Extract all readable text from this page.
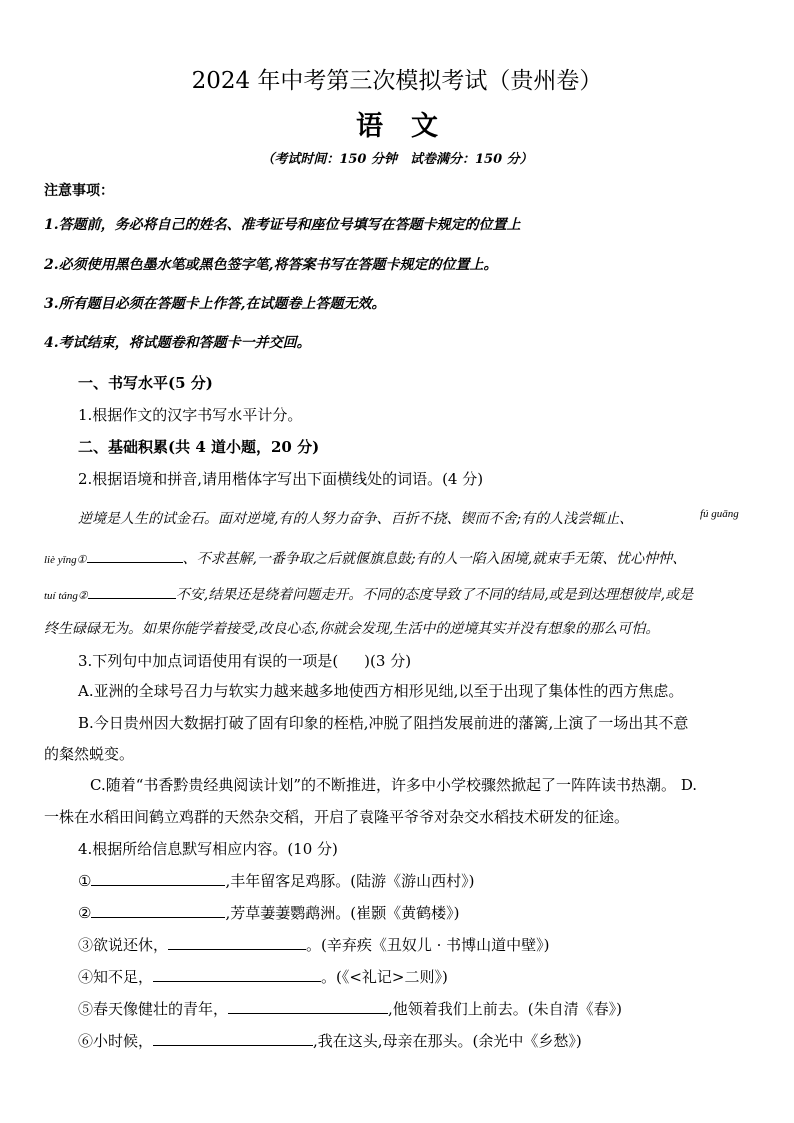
2024 年中考第三次模拟考试（贵州卷）
语文
（考试时间：150 分钟　试卷满分：150 分）
注意事项：
1.答题前，务必将自己的姓名、准考证号和座位号填写在答题卡规定的位置上
2.必须使用黑色墨水笔或黑色签字笔,将答案书写在答题卡规定的位置上。
3.所有题目必须在答题卡上作答,在试题卷上答题无效。
4.考试结束，将试题卷和答题卡一并交回。
一、书写水平(5 分)
1.根据作文的汉字书写水平计分。
二、基础积累(共 4 道小题，20 分)
2.根据语境和拼音,请用楷体字写出下面横线处的词语。(4 分)
逆境是人生的试金石。面对逆境,有的人努力奋争、百折不挠、锲而不舍;有的人浅尝辄止、	fú guāng
liè yǐng①	、不求甚解,一番争取之后就偃旗息鼓;有的人一陷入困境,就束手无策、忧心忡忡、
tuí táng②	不安,结果还是绕着问题走开。不同的态度导致了不同的结局,或是到达理想彼岸,或是
终生碌碌无为。如果你能学着接受,改良心态,你就会发现,生活中的逆境其实并没有想象的那么可怕。
3.下列句中加点词语使用有误的一项是( )(3 分)
A.亚洲的全球号召力与软实力越来越多地使西方相形见绌,以至于出现了集体性的西方焦虑。
B.今日贵州因大数据打破了固有印象的桎梏,冲脱了阻挡发展前进的藩篱,上演了一场出其不意
的粲然蜕变。
C.随着“书香黔贵经典阅读计划”的不断推进，许多中小学校骤然掀起了一阵阵读书热潮。 D.
一株在水稻田间鹤立鸡群的天然杂交稻，开启了袁隆平爷爷对杂交水稻技术研发的征途。
4.根据所给信息默写相应内容。(10 分)
①	,丰年留客足鸡豚。(陆游《游山西村》)
②	,芳草萋萋鹦鹉洲。(崔颢《黄鹤楼》)
③欲说还休，	。(辛弃疾《丑奴儿 · 书博山道中壁》)
④知不足，	。(《<礼记>二则》)
⑤春天像健壮的青年，	,他领着我们上前去。(朱自清《春》)
⑥小时候，	,我在这头,母亲在那头。(余光中《乡愁》)
